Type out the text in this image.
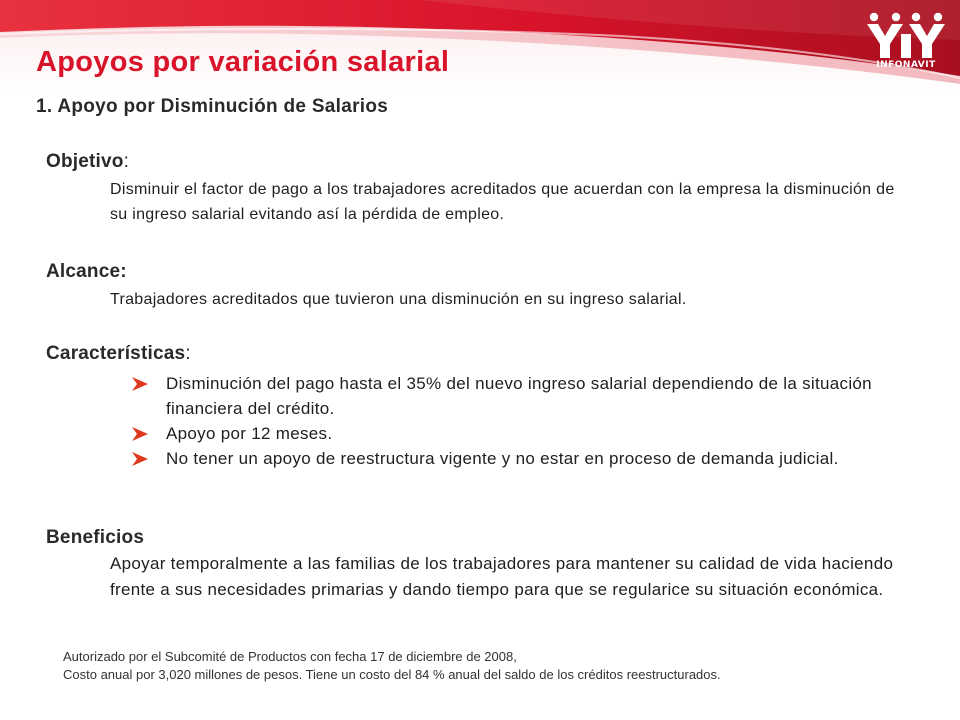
INFONAVIT
Apoyos por variación salarial
1. Apoyo por Disminución de Salarios
Objetivo:
Disminuir el factor de pago a los trabajadores acreditados que acuerdan con la empresa la disminución de su ingreso salarial evitando así la pérdida de empleo.
Alcance:
Trabajadores acreditados que tuvieron una disminución en su ingreso salarial.
Características:
Disminución del pago hasta el 35% del nuevo ingreso salarial dependiendo de la situación financiera del crédito.
Apoyo por 12 meses.
No tener un apoyo de reestructura vigente y no estar en proceso de demanda judicial.
Beneficios
Apoyar temporalmente a las familias de los trabajadores para mantener su calidad de vida haciendo frente a sus necesidades primarias y dando tiempo para que se regularice su situación económica.
Autorizado por el Subcomité de Productos con fecha 17 de diciembre de 2008,
Costo anual por 3,020 millones de pesos. Tiene un costo del 84 % anual del saldo de los créditos reestructurados.
